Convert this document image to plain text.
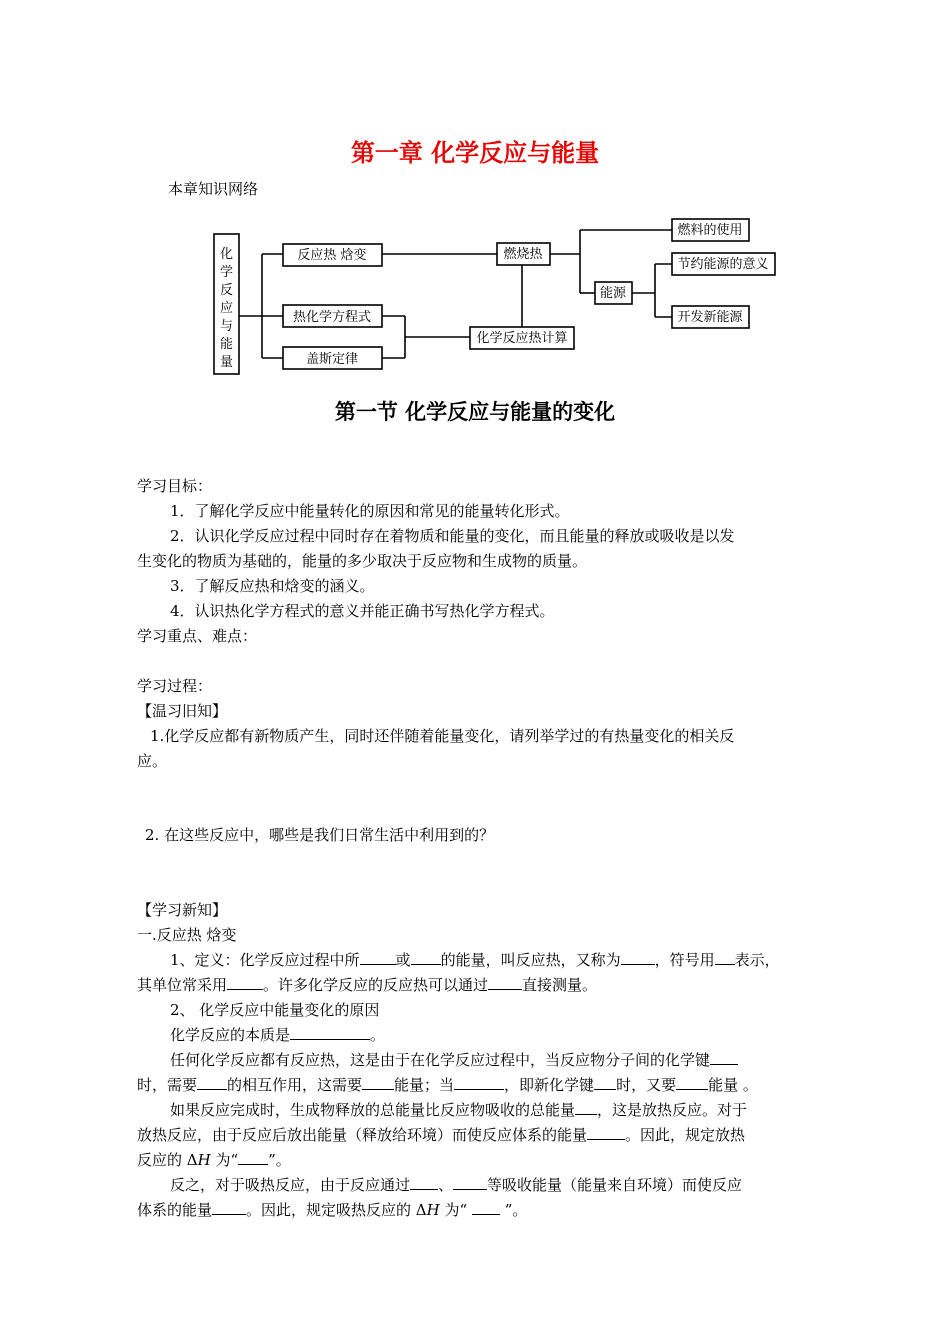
第一章 化学反应与能量
本章知识网络
化
学
反
应
与
能
量
反应热 焓变
热化学方程式
盖斯定律
燃烧热
化学反应热计算
能源
燃料的使用
节约能源的意义
开发新能源
第一节 化学反应与能量的变化
学习目标：
1．了解化学反应中能量转化的原因和常见的能量转化形式。
2．认识化学反应过程中同时存在着物质和能量的变化，而且能量的释放或吸收是以发
生变化的物质为基础的，能量的多少取决于反应物和生成物的质量。
3．了解反应热和焓变的涵义。
4．认识热化学方程式的意义并能正确书写热化学方程式。
学习重点、难点：
学习过程：
【温习旧知】
1.化学反应都有新物质产生，同时还伴随着能量变化，请列举学过的有热量变化的相关反
应。
2. 在这些反应中，哪些是我们日常生活中利用到的？
【学习新知】
一.反应热 焓变
1、定义：化学反应过程中所 或 的能量，叫反应热，又称为 ，符号用 表示，
其单位常采用 。许多化学反应的反应热可以通过 直接测量。
2、 化学反应中能量变化的原因
化学反应的本质是	。
任何化学反应都有反应热，这是由于在化学反应过程中，当反应物分子间的化学键
时，需要 的相互作用，这需要 能量；当	，即新化学键 时，又要 能量 。
如果反应完成时，生成物释放的总能量比反应物吸收的总能量 ，这是放热反应。对于
放热反应，由于反应后放出能量（释放给环境）而使反应体系的能量	。因此，规定放热
反应的 ΔH 为“ ”。
反之，对于吸热反应，由于反应通过 、 等吸收能量（能量来自环境）而使反应
体系的能量 。因此，规定吸热反应的 ΔH 为“  ”。
